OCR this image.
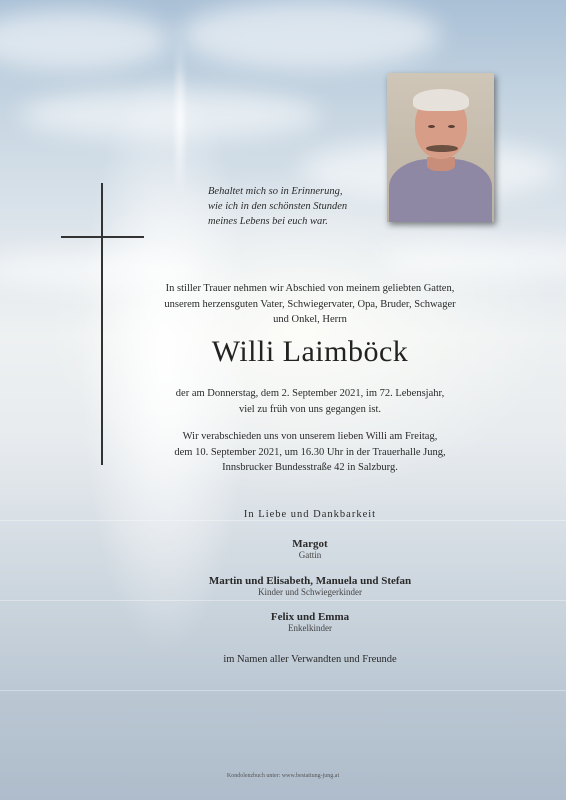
Behaltet mich so in Erinnerung,
wie ich in den schönsten Stunden
meines Lebens bei euch war.
In stiller Trauer nehmen wir Abschied von meinem geliebten Gatten,
unserem herzensguten Vater, Schwiegervater, Opa, Bruder, Schwager
und Onkel, Herrn
Willi Laimböck
der am Donnerstag, dem 2. September 2021, im 72. Lebensjahr,
viel zu früh von uns gegangen ist.
Wir verabschieden uns von unserem lieben Willi am Freitag,
dem 10. September 2021, um 16.30 Uhr in der Trauerhalle Jung,
Innsbrucker Bundesstraße 42 in Salzburg.
In Liebe und Dankbarkeit
Margot
Gattin
Martin und Elisabeth, Manuela und Stefan
Kinder und Schwiegerkinder
Felix und Emma
Enkelkinder
im Namen aller Verwandten und Freunde
Kondolenzbuch unter: www.bestattung-jung.at
